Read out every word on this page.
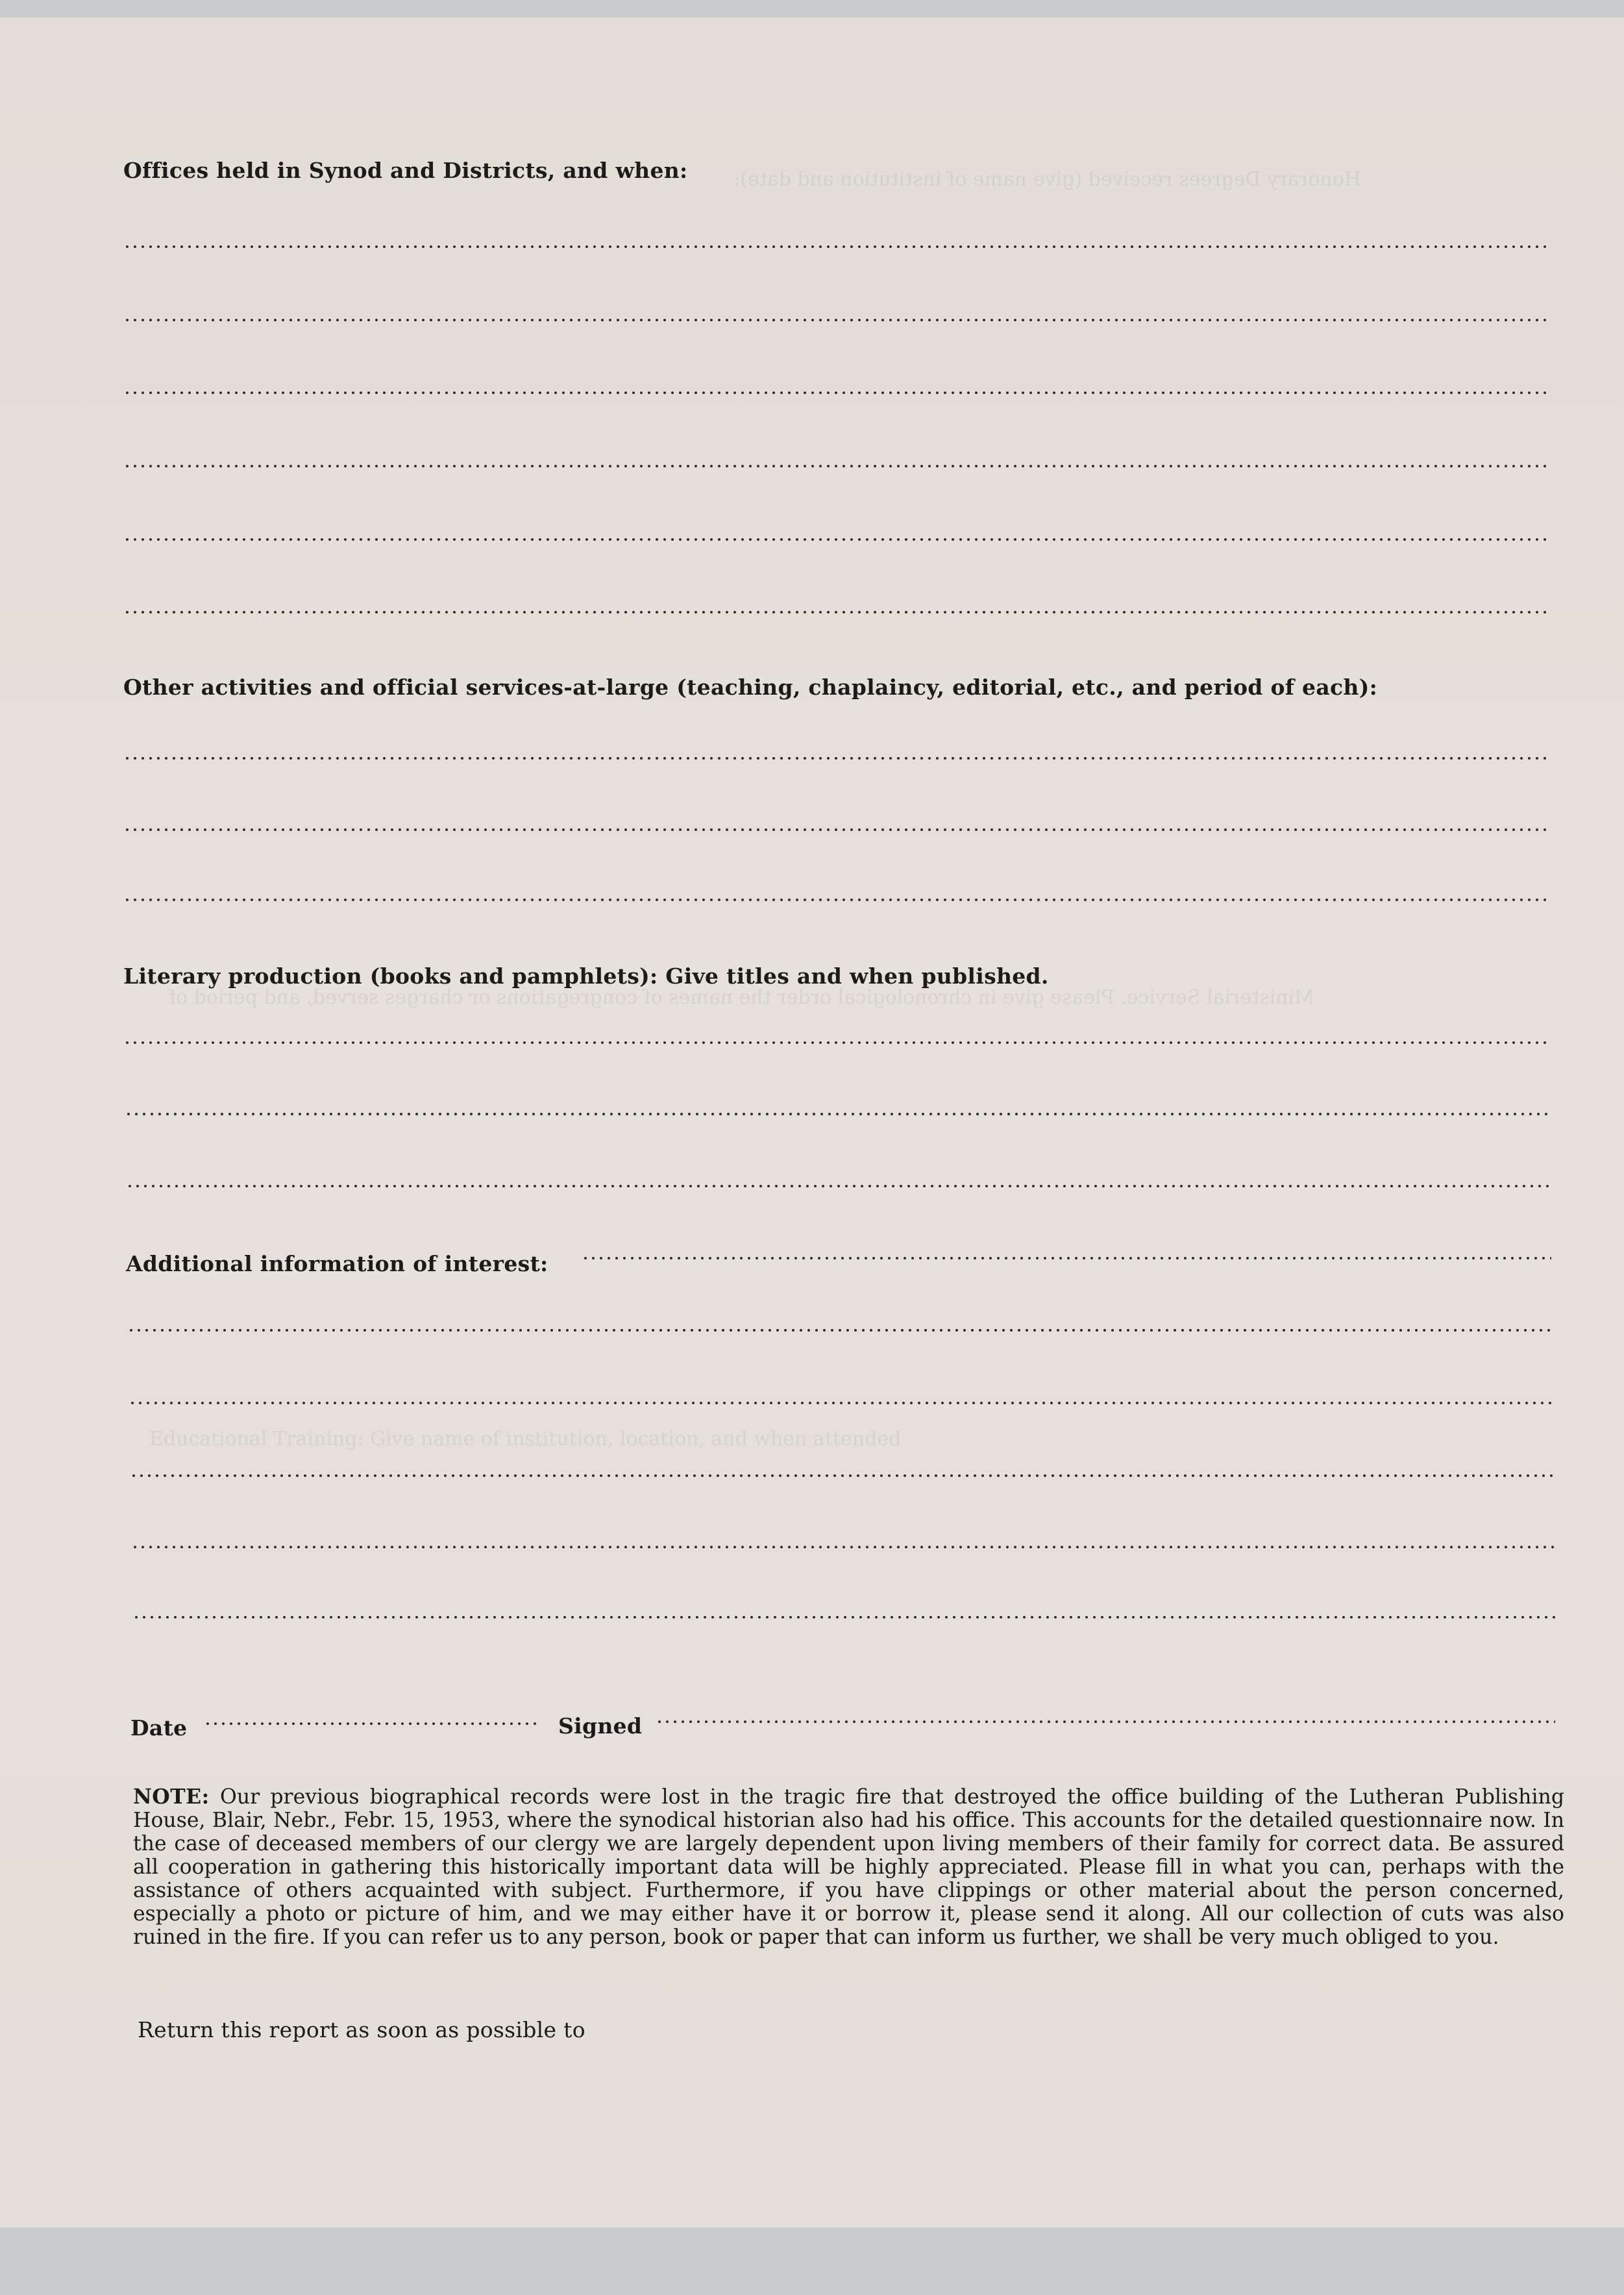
Honorary Degrees received (give name of institution and date):
Ministerial Service. Please give in chronological order the names of congregations or charges served, and period of
Educational Training: Give name of institution, location, and when attended
Offices held in Synod and Districts, and when:
Other activities and official services-at-large (teaching, chaplaincy, editorial, etc., and period of each):
Literary production (books and pamphlets): Give titles and when published.
Additional information of interest:
Date	Signed
NOTE: Our previous biographical records were lost in the tragic fire that destroyed the office building of the Lutheran Publishing House, Blair, Nebr., Febr. 15, 1953, where the synodical historian also had his office. This accounts for the detailed questionnaire now. In the case of deceased members of our clergy we are largely dependent upon living members of their family for correct data. Be assured all cooperation in gathering this historically important data will be highly appreciated. Please fill in what you can, perhaps with the assistance of others acquainted with subject. Furthermore, if you have clippings or other material about the person concerned, especially a photo or picture of him, and we may either have it or borrow it, please send it along. All our collection of cuts was also ruined in the fire. If you can refer us to any person, book or paper that can inform us further, we shall be very much obliged to you.
Return this report as soon as possible to
